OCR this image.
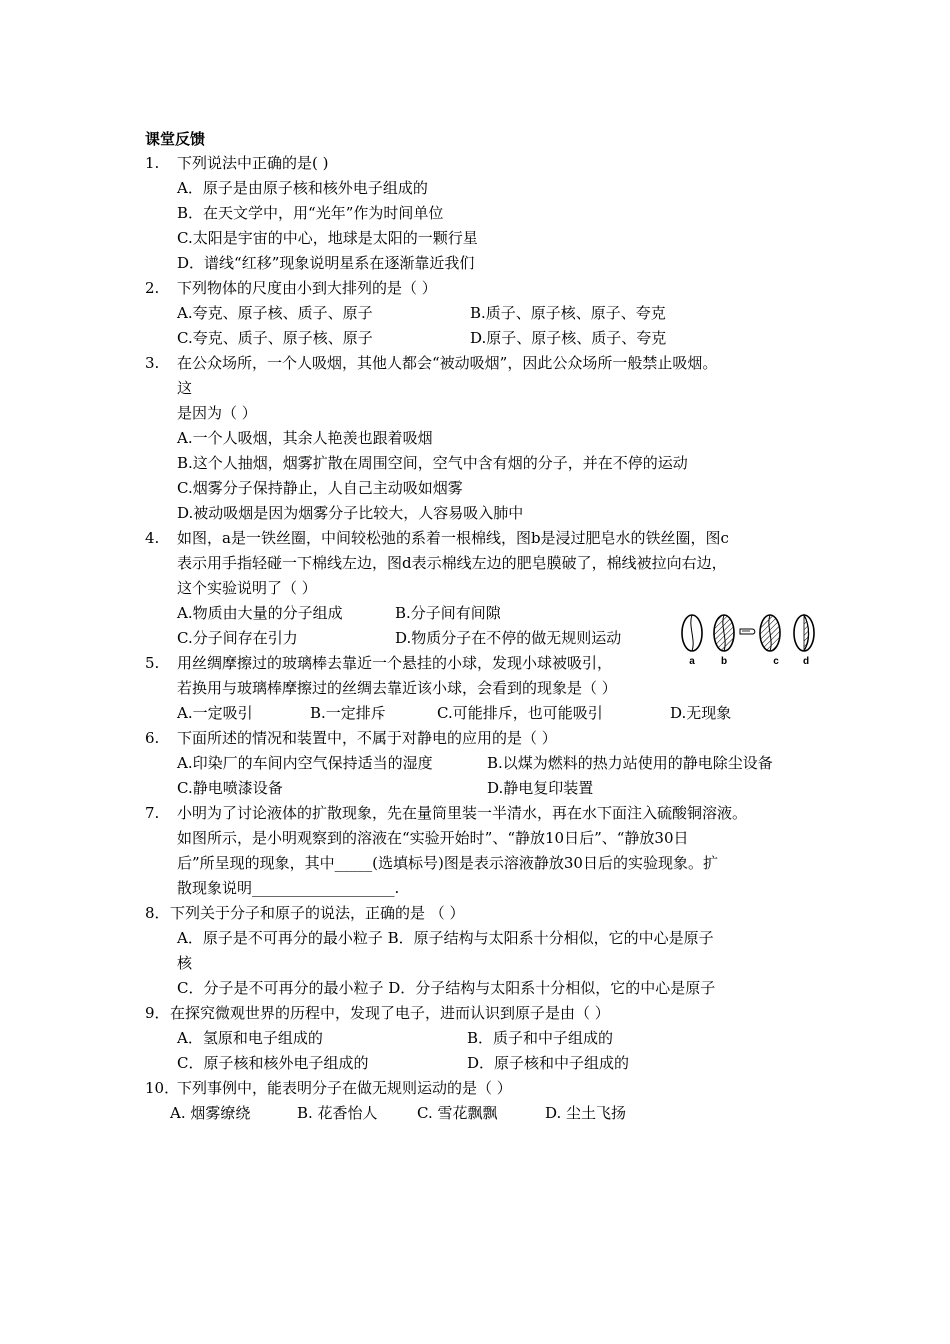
课堂反馈
1. 下列说法中正确的是( )
A．原子是由原子核和核外电子组成的
B．在天文学中，用“光年”作为时间单位
C.太阳是宇宙的中心，地球是太阳的一颗行星
D．谱线“红移”现象说明星系在逐渐靠近我们
2. 下列物体的尺度由小到大排列的是（ ）
A.夸克、原子核、质子、原子	B.质子、原子核、原子、夸克
C.夸克、质子、原子核、原子	D.原子、原子核、质子、夸克
3. 在公众场所，一个人吸烟，其他人都会“被动吸烟”，因此公众场所一般禁止吸烟。
这
是因为（ ）
A.一个人吸烟，其余人艳羡也跟着吸烟
B.这个人抽烟，烟雾扩散在周围空间，空气中含有烟的分子，并在不停的运动
C.烟雾分子保持静止，人自己主动吸如烟雾
D.被动吸烟是因为烟雾分子比较大，人容易吸入肺中
4. 如图，a是一铁丝圈，中间较松弛的系着一根棉线，图b是浸过肥皂水的铁丝圈，图c
表示用手指轻碰一下棉线左边，图d表示棉线左边的肥皂膜破了，棉线被拉向右边，
这个实验说明了（ ）
A.物质由大量的分子组成	B.分子间有间隙
C.分子间存在引力	D.物质分子在不停的做无规则运动
a	b	c d
5. 用丝绸摩擦过的玻璃棒去靠近一个悬挂的小球，发现小球被吸引，
若换用与玻璃棒摩擦过的丝绸去靠近该小球，会看到的现象是（ ）
A.一定吸引	B.一定排斥	C.可能排斥，也可能吸引	D.无现象
6. 下面所述的情况和装置中，不属于对静电的应用的是（ ）
A.印染厂的车间内空气保持适当的湿度	B.以煤为燃料的热力站使用的静电除尘设备
C.静电喷漆设备	D.静电复印装置
7. 小明为了讨论液体的扩散现象，先在量筒里装一半清水，再在水下面注入硫酸铜溶液。
如图所示，是小明观察到的溶液在“实验开始时”、“静放10日后”、“静放30日
后”所呈现的现象，其中_____(选填标号)图是表示溶液静放30日后的实验现象。扩
散现象说明___________________.
8． 下列关于分子和原子的说法，正确的是 （ ）
A．原子是不可再分的最小粒子 B．原子结构与太阳系十分相似，它的中心是原子
核
C．分子是不可再分的最小粒子 D．分子结构与太阳系十分相似，它的中心是原子
9． 在探究微观世界的历程中，发现了电子，进而认识到原子是由（ ）
A．氢原和电子组成的	B．质子和中子组成的
C．原子核和核外电子组成的	D．原子核和中子组成的
10．
下列事例中，能表明分子在做无规则运动的是（ ）
A. 烟雾缭绕	B. 花香怡人	C. 雪花飘飘	D. 尘土飞扬
